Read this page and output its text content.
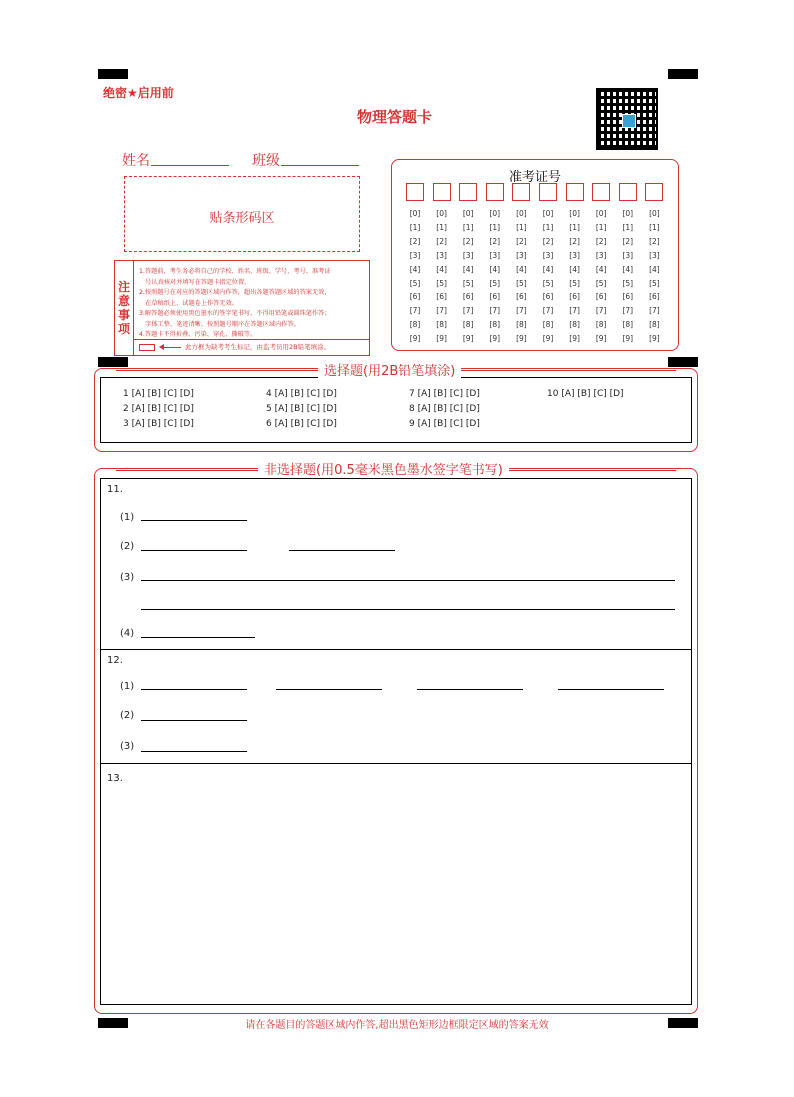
绝密★启用前
物理答题卡
姓名	班级
贴条形码区
注
意
事
项
1.答题前，考生务必将自己的学校、姓名、班级、学号、考号、准考证
　号认真核对并填写在答题卡指定位置。
2.按照题号在对应的答题区域内作答，超出各题答题区域的答案无效，
　在草稿纸上、试题卷上作答无效。
3.解答题必须使用黑色墨水的签字笔书写，不得用铅笔或圆珠笔作答；
　字体工整、笔迹清晰。按照题号顺序在答题区域内作答。
4.答题卡不得折叠、污染、穿孔、撕破等。
此方框为缺考考生标记，由监考员用2B铅笔填涂。
准考证号
[0]
[1]
[2]
[3]
[4]
[5]
[6]
[7]
[8]
[9]
[0]
[1]
[2]
[3]
[4]
[5]
[6]
[7]
[8]
[9]
[0]
[1]
[2]
[3]
[4]
[5]
[6]
[7]
[8]
[9]
[0]
[1]
[2]
[3]
[4]
[5]
[6]
[7]
[8]
[9]
[0]
[1]
[2]
[3]
[4]
[5]
[6]
[7]
[8]
[9]
[0]
[1]
[2]
[3]
[4]
[5]
[6]
[7]
[8]
[9]
[0]
[1]
[2]
[3]
[4]
[5]
[6]
[7]
[8]
[9]
[0]
[1]
[2]
[3]
[4]
[5]
[6]
[7]
[8]
[9]
[0]
[1]
[2]
[3]
[4]
[5]
[6]
[7]
[8]
[9]
[0]
[1]
[2]
[3]
[4]
[5]
[6]
[7]
[8]
[9]
1 [A] [B] [C] [D]
2 [A] [B] [C] [D]
3 [A] [B] [C] [D]
4 [A] [B] [C] [D]
5 [A] [B] [C] [D]
6 [A] [B] [C] [D]
7 [A] [B] [C] [D]
8 [A] [B] [C] [D]
9 [A] [B] [C] [D]
10 [A] [B] [C] [D]
选择题(用2B铅笔填涂)
11.
(1)
(2)
(3)
(4)
12.
(1)
(2)
(3)
13.
非选择题(用0.5毫米黑色墨水签字笔书写)
请在各题目的答题区域内作答,超出黑色矩形边框限定区域的答案无效
